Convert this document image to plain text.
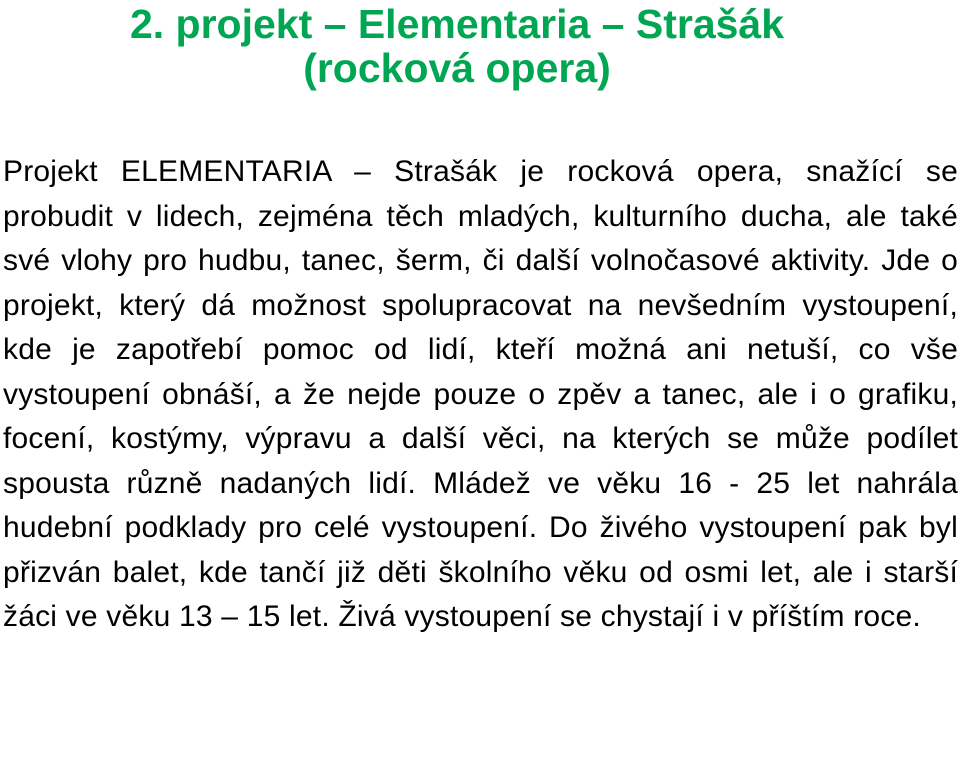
2. projekt – Elementaria – Strašák
(rocková opera)

Projekt ELEMENTARIA – Strašák je rocková opera, snažící se probudit v lidech, zejména těch mladých, kulturního ducha, ale také své vlohy pro hudbu, tanec, šerm, či další volnočasové aktivity. Jde o projekt, který dá možnost spolupracovat na nevšedním vystoupení, kde je zapotřebí pomoc od lidí, kteří možná ani netuší, co vše vystoupení obnáší, a že nejde pouze o zpěv a tanec, ale i o grafiku, focení, kostýmy, výpravu a další věci, na kterých se může podílet spousta různě nadaných lidí. Mládež ve věku 16 - 25 let nahrála hudební podklady pro celé vystoupení. Do živého vystoupení pak byl přizván balet, kde tančí již děti školního věku od osmi let, ale i starší žáci ve věku 13 – 15 let. Živá vystoupení se chystají i v příštím roce.
